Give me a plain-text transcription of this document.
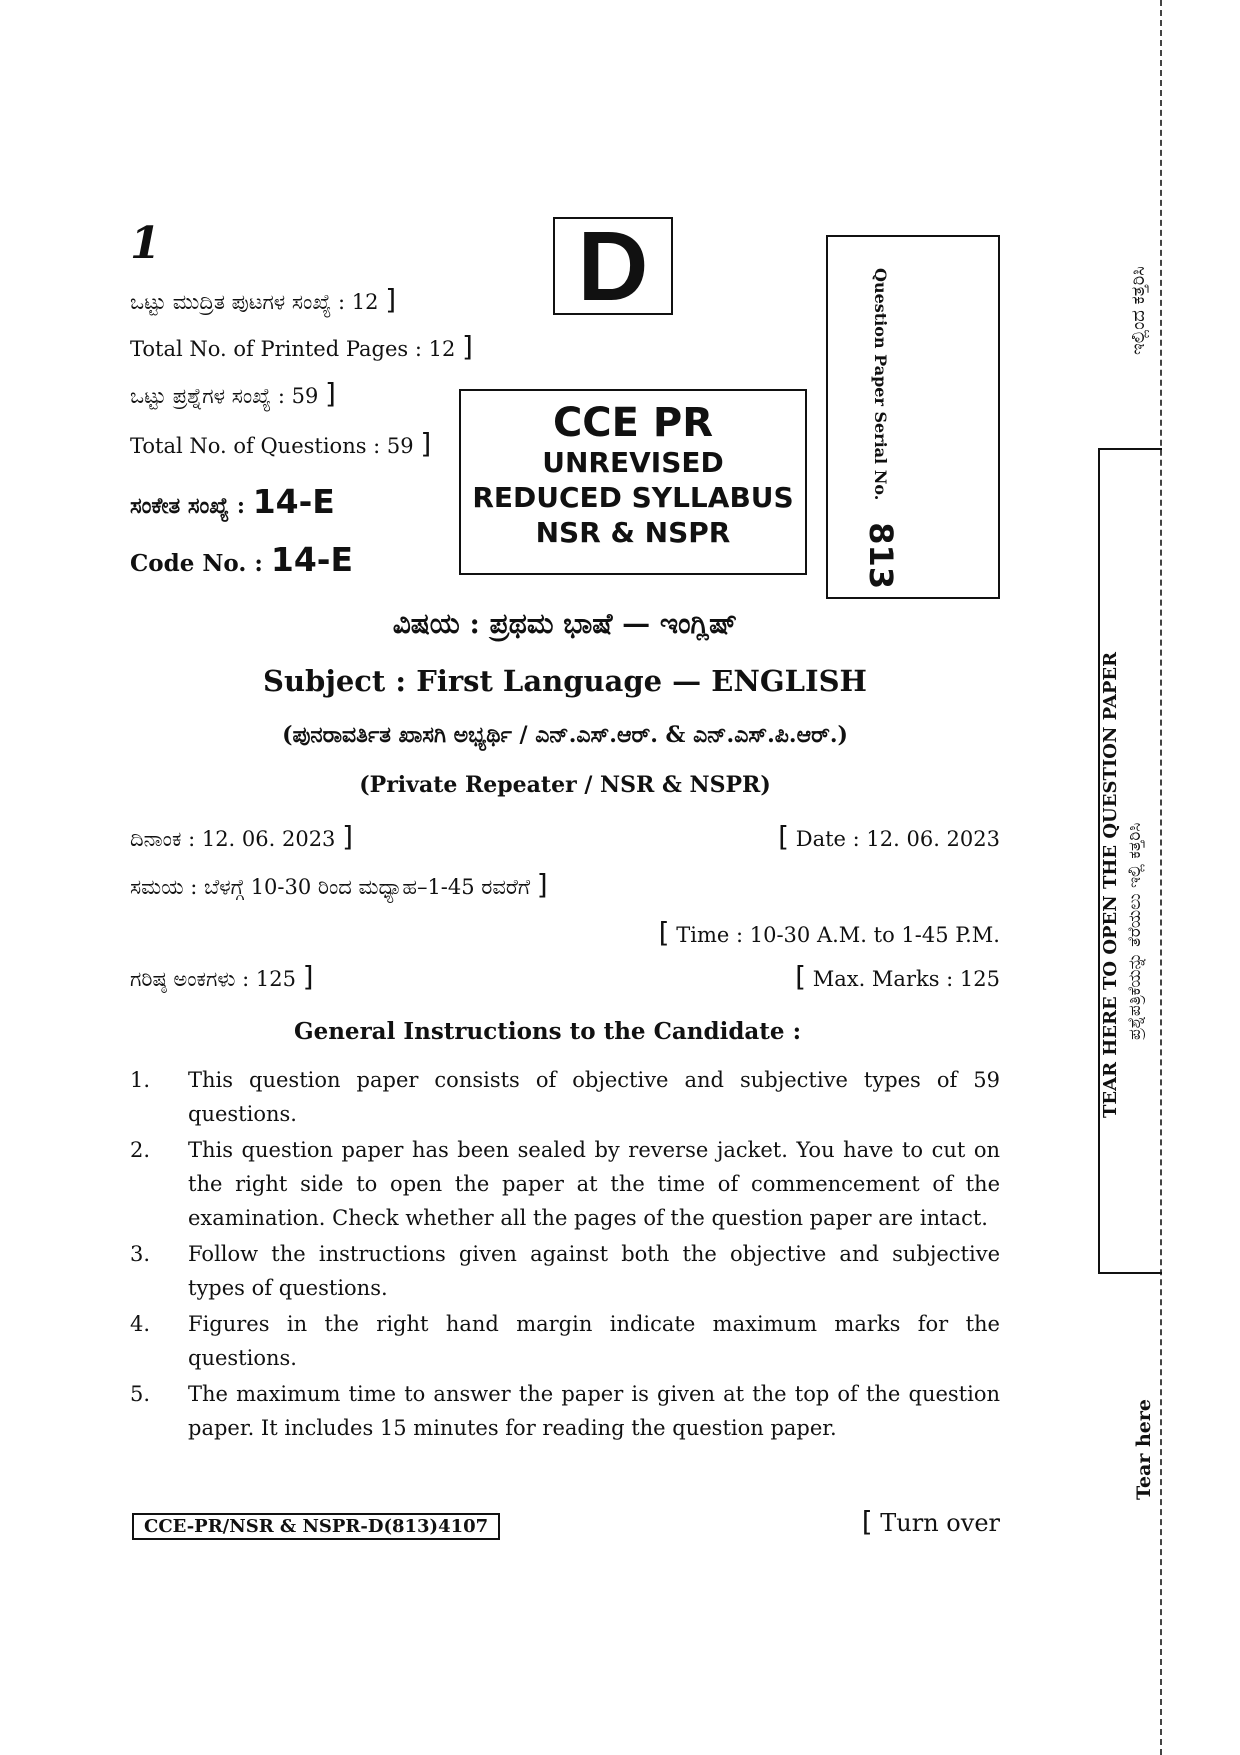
1
ಒಟ್ಟು ಮುದ್ರಿತ ಪುಟಗಳ ಸಂಖ್ಯೆ : 12 ]
Total No. of Printed Pages : 12 ]
ಒಟ್ಟು ಪ್ರಶ್ನೆಗಳ ಸಂಖ್ಯೆ : 59 ]
Total No. of Questions : 59 ]
ಸಂಕೇತ ಸಂಖ್ಯೆ : 14-E
Code No. : 14-E
D
CCE PR
UNREVISED
REDUCED SYLLABUS
NSR & NSPR
Question Paper Serial No.
813
ವಿಷಯ : ಪ್ರಥಮ ಭಾಷೆ — ಇಂಗ್ಲಿಷ್
Subject : First Language — ENGLISH
(ಪುನರಾವರ್ತಿತ ಖಾಸಗಿ ಅಭ್ಯರ್ಥಿ / ಎನ್.ಎಸ್.ಆರ್. & ಎನ್.ಎಸ್.ಪಿ.ಆರ್.)
(Private Repeater / NSR & NSPR)
ದಿನಾಂಕ : 12. 06. 2023 ]	[ Date : 12. 06. 2023
ಸಮಯ : ಬೆಳಗ್ಗೆ 10-30 ರಿಂದ ಮಧ್ಯಾಹ–1-45 ರವರೆಗೆ ]
[ Time : 10-30 A.M. to 1-45 P.M.
ಗರಿಷ್ಠ ಅಂಕಗಳು : 125 ]	[ Max. Marks : 125
General Instructions to the Candidate :
1.	This question paper consists of objective and subjective types of 59 questions.
2.	This question paper has been sealed by reverse jacket. You have to cut on the right side to open the paper at the time of commencement of the examination. Check whether all the pages of the question paper are intact.
3.	Follow the instructions given against both the objective and subjective types of questions.
4.	Figures in the right hand margin indicate maximum marks for the questions.
5.	The maximum time to answer the paper is given at the top of the question paper. It includes 15 minutes for reading the question paper.
CCE-PR/NSR & NSPR-D(813)4107	[ Turn over
ಇಲ್ಲಿಂದ ಕತ್ತರಿಸಿ
TEAR HERE TO OPEN THE QUESTION PAPER ಪ್ರಶ್ನೆಪತ್ರಿಕೆಯನ್ನು ತೆರೆಯಲು ಇಲ್ಲಿ ಕತ್ತರಿಸಿ
Tear here
